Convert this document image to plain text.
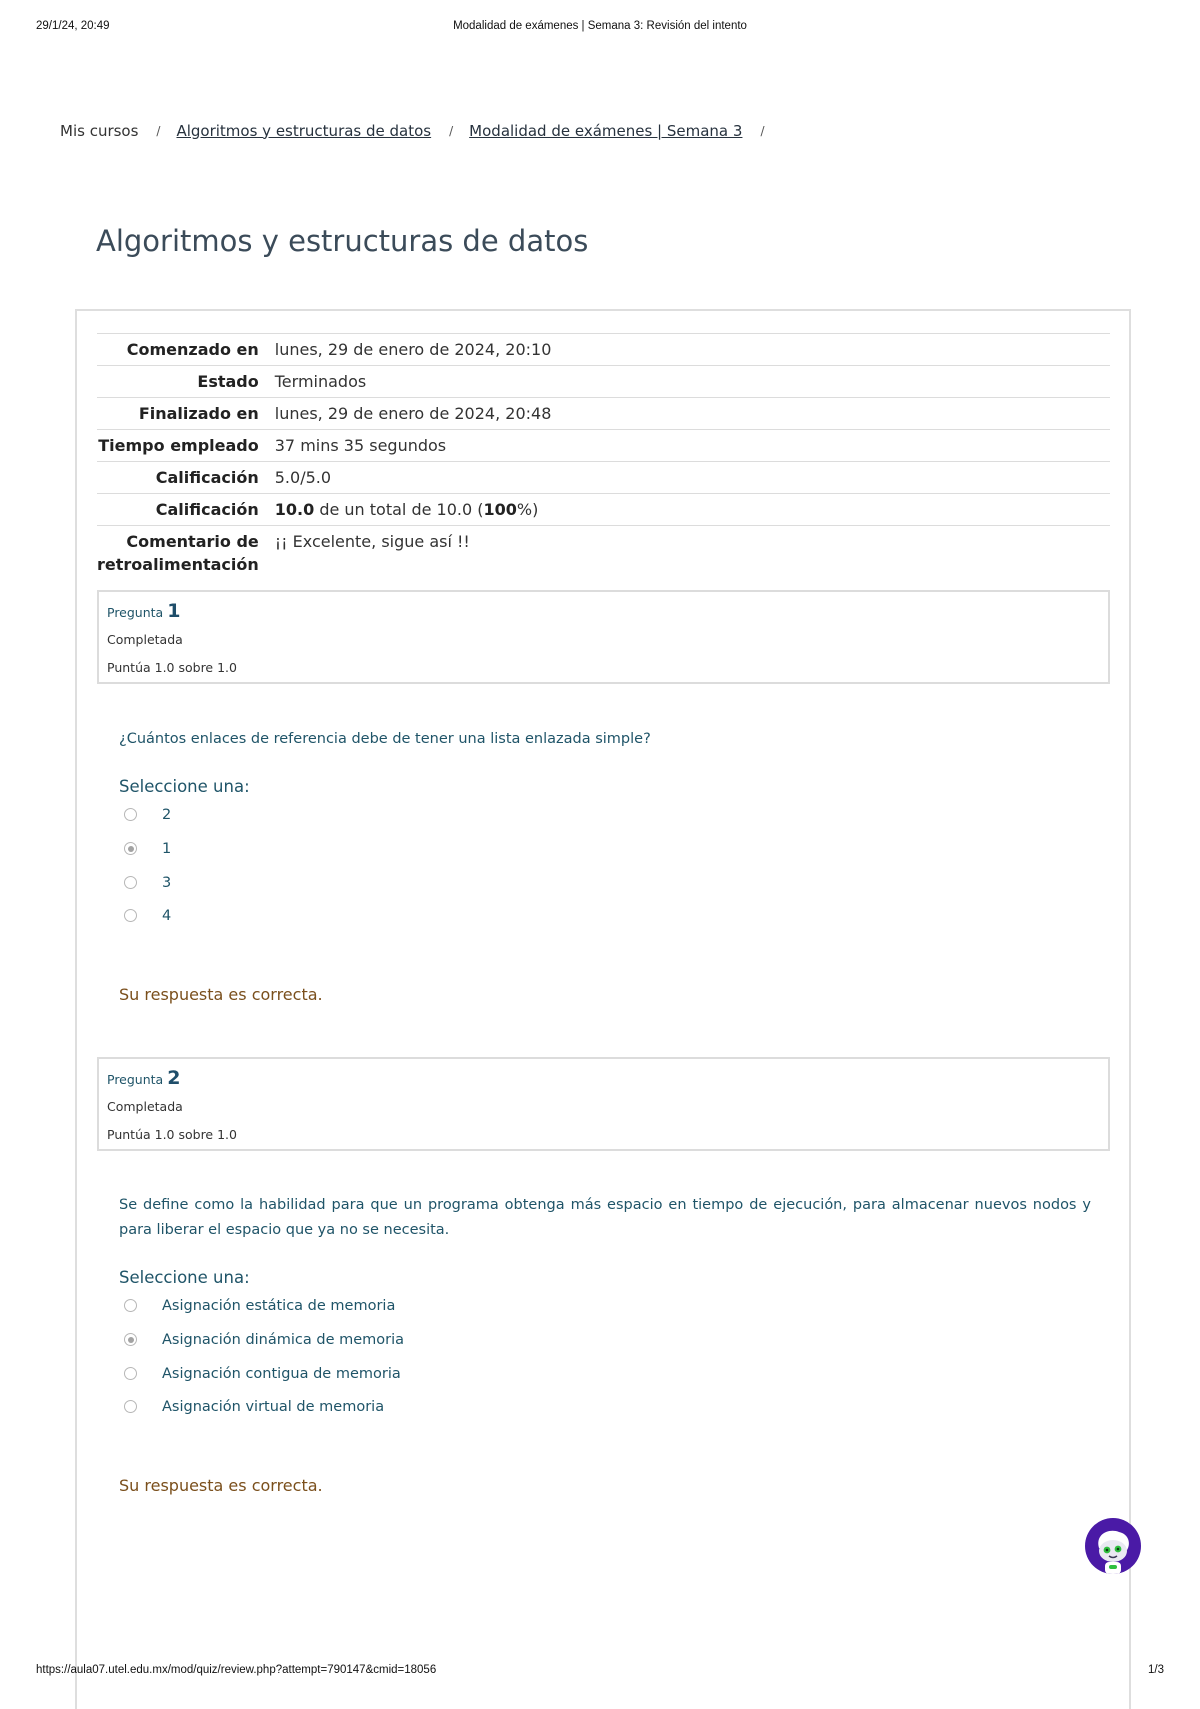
29/1/24, 20:49	Modalidad de exámenes | Semana 3: Revisión del intento
Mis cursos / Algoritmos y estructuras de datos / Modalidad de exámenes | Semana 3 /
Algoritmos y estructuras de datos
Comenzado en	lunes, 29 de enero de 2024, 20:10
Estado	Terminados
Finalizado en	lunes, 29 de enero de 2024, 20:48
Tiempo empleado	37 mins 35 segundos
Calificación	5.0/5.0
Calificación	10.0 de un total de 10.0 (100%)
Comentario de retroalimentación	¡¡ Excelente, sigue así !!
Pregunta 1
Completada
Puntúa 1.0 sobre 1.0

¿Cuántos enlaces de referencia debe de tener una lista enlazada simple?

Seleccione una:
2
1
3
4
Su respuesta es correcta.
Pregunta 2
Completada
Puntúa 1.0 sobre 1.0

Se define como la habilidad para que un programa obtenga más espacio en tiempo de ejecución, para almacenar nuevos nodos y para liberar el espacio que ya no se necesita.

Seleccione una:
Asignación estática de memoria
Asignación dinámica de memoria
Asignación contigua de memoria
Asignación virtual de memoria
Su respuesta es correcta.
https://aula07.utel.edu.mx/mod/quiz/review.php?attempt=790147&cmid=18056	1/3
